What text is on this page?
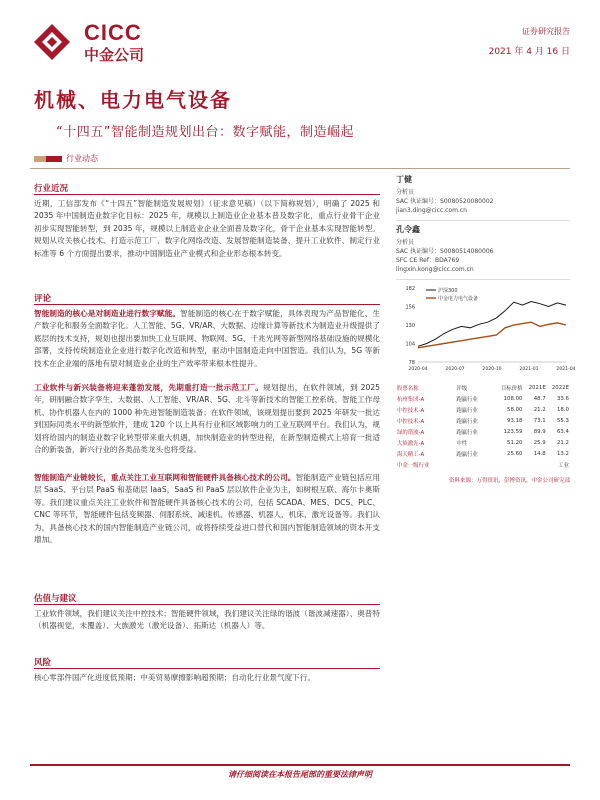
CICC
中金公司
证券研究报告
2021 年 4 月 16 日
机械、电力电气设备
“十四五”智能制造规划出台：数字赋能，制造崛起
行业动态
行业近况
近期，工信部发布《“十四五”智能制造发展规划》（征求意见稿）（以下简称规划），明确了 2025 和 2035 年中国制造业数字化目标：2025 年，规模以上制造业企业基本普及数字化，重点行业骨干企业初步实现智能转型，到 2035 年，规模以上制造业企业全面普及数字化，骨干企业基本实现智能转型。规划从攻关核心技术、打造示范工厂、数字化网络改造、发展智能制造装备、提升工业软件、制定行业标准等 6 个方面提出要求，推动中国制造业产业模式和企业形态根本转变。
评论
智能制造的核心是对制造业进行数字赋能。智能制造的核心在于数字赋能，具体表现为产品智能化、生产数字化和服务全面数字化。人工智能、5G、VR/AR、大数据、边缘计算等新技术为制造业升级提供了底层的技术支持，规划也提出要加快工业互联网、物联网、5G、千兆光网等新型网络基础设施的规模化部署，支持传统制造业企业进行数字化改造和转型，驱动中国制造走向中国智造。我们认为，5G 等新技术在企业端的落地有望对制造业企业的生产效率带来根本性提升。
工业软件与新兴装备将迎来蓬勃发展，先期重打造一批示范工厂。规划提出，在软件领域，到 2025 年，研制融合数字孪生、大数据、人工智能、VR/AR、5G、北斗等新技术的智能工控系统、智能工作母机、协作机器人在内的 1000 种先进智能制造装备；在软件领域，该规划提出要到 2025 年研发一批达到国际同类水平的新型软件，建成 120 个以上具有行业和区域影响力的工业互联网平台。我们认为，规划将给国内的制造业数字化转型带来重大机遇，加快制造业的转型进程，在新型制造模式上培育一批适合的新装备，新兴行业的各类品类龙头也将受益。
智能制造产业链较长，重点关注工业互联网和智能硬件具备核心技术的公司。智能制造产业链包括应用层 SaaS、平台层 PaaS 和基础层 IaaS，SaaS 和 PaaS 层以软件企业为主，如树根互联、海尔卡奥斯等。我们建议重点关注工业软件和智能硬件具备核心技术的公司，包括 SCADA、MES、DCS、PLC、CNC 等环节，智能硬件包括变频器、伺服系统、减速机、传感器、机器人、机床、激光设备等。我们认为，具备核心技术的国内智能制造产业链公司，或将持续受益进口替代和国内智能制造领域的资本开支增加。
估值与建议
工业软件领域，我们建议关注中控技术；智能硬件领域，我们建议关注绿的谐波（谐波减速器）、奥普特（机器视觉，未覆盖）、大族激光（激光设备）、拓斯达（机器人）等。
风险
核心零部件国产化进度低预期；中美贸易摩擦影响超预期；自动化行业景气度下行。
丁健
分析员
SAC 执证编号：S0080520080002
jian3.ding@cicc.com.cn
孔令鑫
分析员
SAC 执证编号：S0080514080006
SFC CE Ref：BDA769
lingxin.kong@cicc.com.cn
182
156
130
104
78
2020-04	2020-07	2020-10	2021-01	2021-04
沪深300
中金电力电气设备
股票名称	评级	目标价格	2021E	2022E
杭州集团-A	跑赢行业	108.00	48.7	33.6
中控技术-A	跑赢行业	58.00	21.2	18.0
中控技术-A	跑赢行业	93.18	73.1	55.3
绿的谐波-A	跑赢行业	123.59	89.9	63.4
大族激光-A	中性	51.20	25.9	21.2
海天精工-A	跑赢行业	25.60	14.8	13.2
中金一级行业				工业
资料来源：万得资讯，彭博资讯，中金公司研究部
请仔细阅读在本报告尾部的重要法律声明
